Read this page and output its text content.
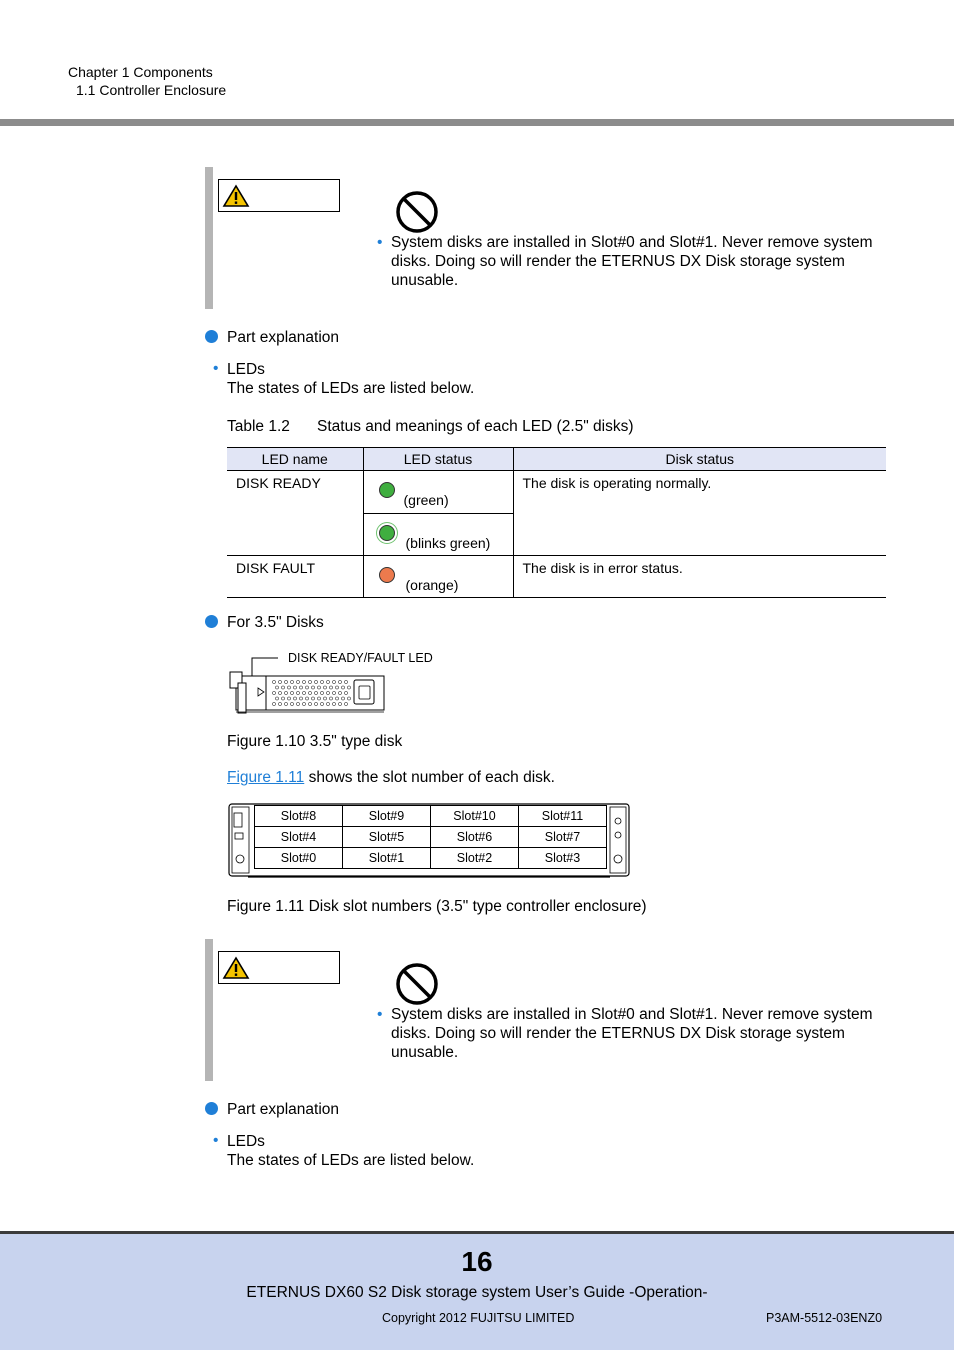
Chapter 1 Components
1.1 Controller Enclosure
• System disks are installed in Slot#0 and Slot#1. Never remove system disks. Doing so will render the ETERNUS DX Disk storage system unusable.
Part explanation
• LEDs
The states of LEDs are listed below.
Table 1.2 Status and meanings of each LED (2.5" disks)
LED name	LED status	Disk status

DISK READY	(green)	The disk is operating normally.

	(blinks green)	

DISK FAULT	(orange)	The disk is in error status.
For 3.5" Disks
DISK READY/FAULT LED
Figure 1.10 3.5" type disk
Figure 1.11 shows the slot number of each disk.
Slot#8	Slot#9	Slot#10	Slot#11
Slot#4	Slot#5	Slot#6	Slot#7
Slot#0	Slot#1	Slot#2	Slot#3
Figure 1.11 Disk slot numbers (3.5" type controller enclosure)
• System disks are installed in Slot#0 and Slot#1. Never remove system disks. Doing so will render the ETERNUS DX Disk storage system unusable.
Part explanation
• LEDs
The states of LEDs are listed below.
16
ETERNUS DX60 S2 Disk storage system User’s Guide -Operation-
Copyright 2012 FUJITSU LIMITED	P3AM-5512-03ENZ0
